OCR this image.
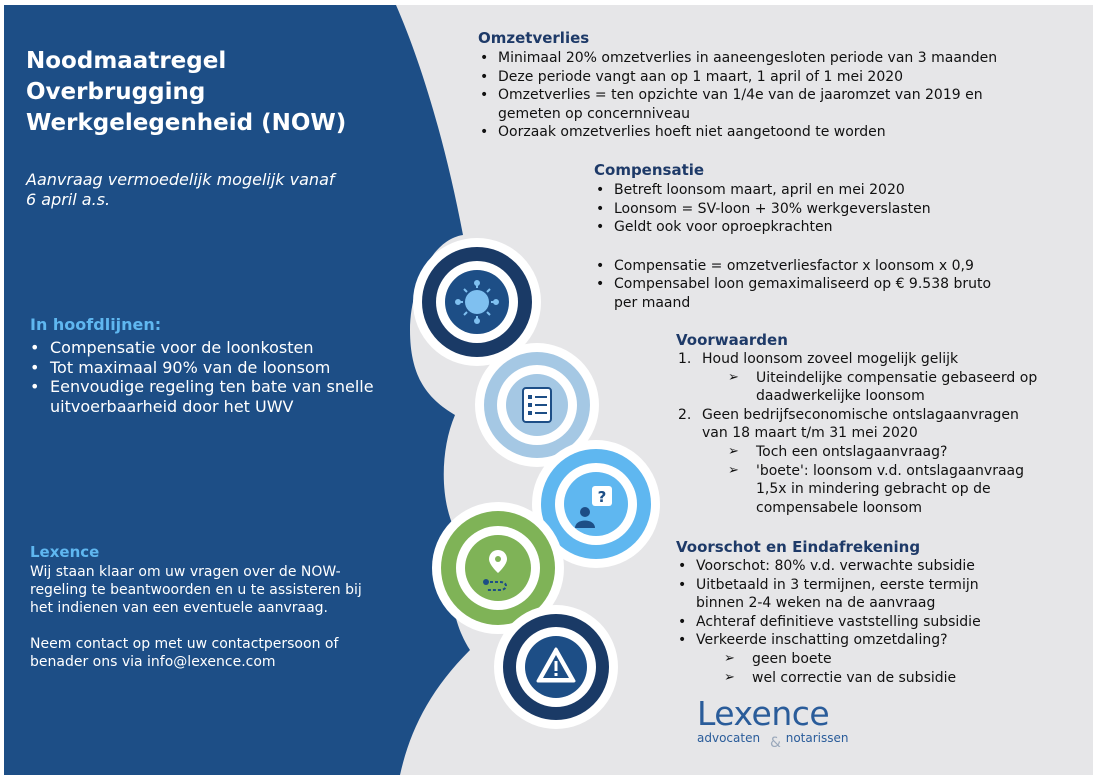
?
&
Noodmaatregel
Overbrugging
Werkgelegenheid (NOW)
Aanvraag vermoedelijk mogelijk vanaf
6 april a.s.
In hoofdlijnen:
• Compensatie voor de loonkosten
• Tot maximaal 90% van de loonsom
• Eenvoudige regeling ten bate van snelle
uitvoerbaarheid door het UWV
Lexence
Wij staan klaar om uw vragen over de NOW-
regeling te beantwoorden en u te assisteren bij
het indienen van een eventuele aanvraag.
Neem contact op met uw contactpersoon of
benader ons via info@lexence.com
Omzetverlies
• Minimaal 20% omzetverlies in aaneengesloten periode van 3 maanden
• Deze periode vangt aan op 1 maart, 1 april of 1 mei 2020
• Omzetverlies = ten opzichte van 1/4e van de jaaromzet van 2019 en
gemeten op concernniveau
• Oorzaak omzetverlies hoeft niet aangetoond te worden
Compensatie
• Betreft loonsom maart, april en mei 2020
• Loonsom = SV-loon + 30% werkgeverslasten
• Geldt ook voor oproepkrachten
• Compensatie = omzetverliesfactor x loonsom x 0,9
• Compensabel loon gemaximaliseerd op € 9.538 bruto
per maand
Voorwaarden
1. Houd loonsom zoveel mogelijk gelijk
➢ Uiteindelijke compensatie gebaseerd op
daadwerkelijke loonsom
2. Geen bedrijfseconomische ontslagaanvragen
van 18 maart t/m 31 mei 2020
➢ Toch een ontslagaanvraag?
➢ 'boete': loonsom v.d. ontslagaanvraag
1,5x in mindering gebracht op de
compensabele loonsom
Voorschot en Eindafrekening
• Voorschot: 80% v.d. verwachte subsidie
• Uitbetaald in 3 termijnen, eerste termijn
binnen 2-4 weken na de aanvraag
• Achteraf definitieve vaststelling subsidie
• Verkeerde inschatting omzetdaling?
➢ geen boete
➢ wel correctie van de subsidie
Lexence
advocaten notarissen
